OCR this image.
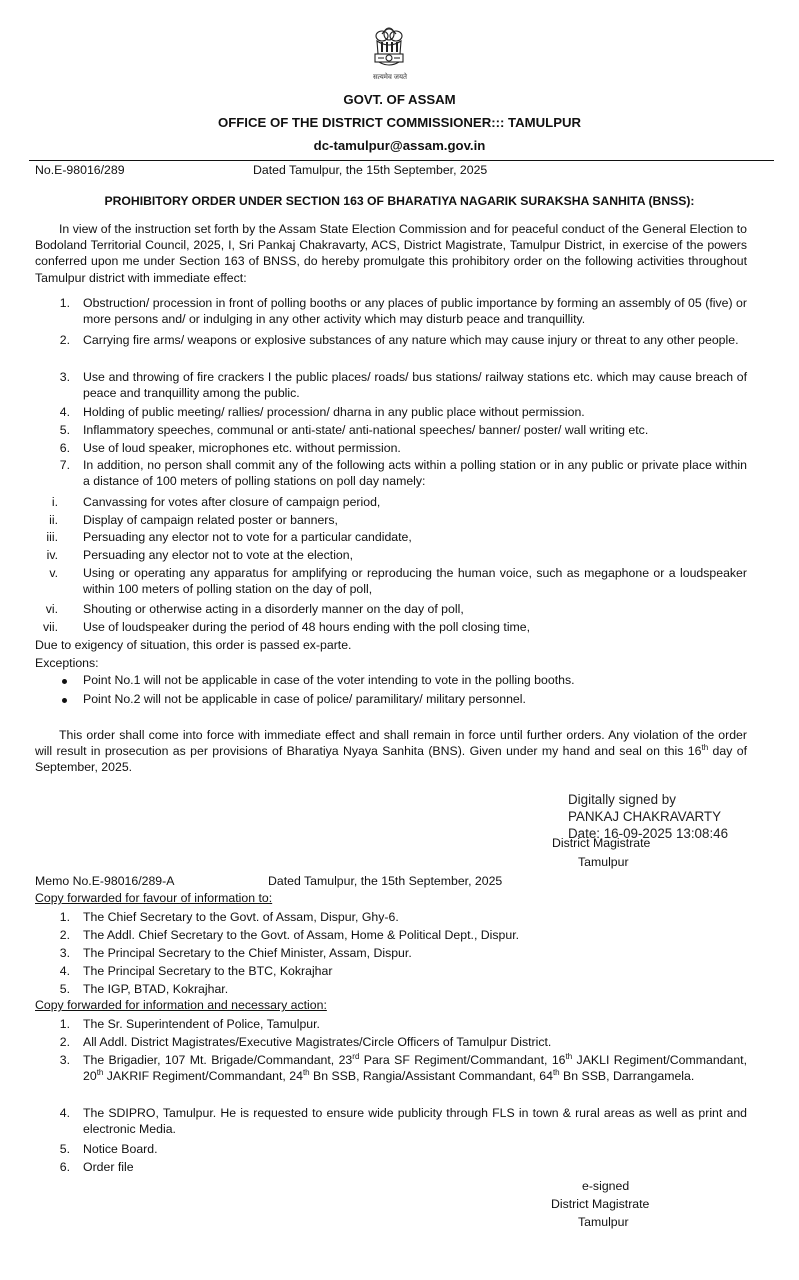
सत्यमेव जयते
GOVT. OF ASSAM
OFFICE OF THE DISTRICT COMMISSIONER::: TAMULPUR
dc-tamulpur@assam.gov.in
No.E-98016/289	Dated Tamulpur, the 15th September, 2025
PROHIBITORY ORDER UNDER SECTION 163 OF BHARATIYA NAGARIK SURAKSHA SANHITA (BNSS):
In view of the instruction set forth by the Assam State Election Commission and for peaceful conduct of the General Election to Bodoland Territorial Council, 2025, I, Sri Pankaj Chakravarty, ACS, District Magistrate, Tamulpur District, in exercise of the powers conferred upon me under Section 163 of BNSS, do hereby promulgate this prohibitory order on the following activities throughout Tamulpur district with immediate effect:
1. Obstruction/ procession in front of polling booths or any places of public importance by forming an assembly of 05 (five) or more persons and/ or indulging in any other activity which may disturb peace and tranquillity.
2. Carrying fire arms/ weapons or explosive substances of any nature which may cause injury or threat to any other people.
3. Use and throwing of fire crackers I the public places/ roads/ bus stations/ railway stations etc. which may cause breach of peace and tranquillity among the public.
4. Holding of public meeting/ rallies/ procession/ dharna in any public place without permission.
5. Inflammatory speeches, communal or anti-state/ anti-national speeches/ banner/ poster/ wall writing etc.
6. Use of loud speaker, microphones etc. without permission.
7. In addition, no person shall commit any of the following acts within a polling station or in any public or private place within a distance of 100 meters of polling stations on poll day namely:
i. Canvassing for votes after closure of campaign period,
ii. Display of campaign related poster or banners,
iii. Persuading any elector not to vote for a particular candidate,
iv. Persuading any elector not to vote at the election,
v. Using or operating any apparatus for amplifying or reproducing the human voice, such as megaphone or a loudspeaker within 100 meters of polling station on the day of poll,
vi. Shouting or otherwise acting in a disorderly manner on the day of poll,
vii. Use of loudspeaker during the period of 48 hours ending with the poll closing time,
Due to exigency of situation, this order is passed ex-parte.
Exceptions:
Point No.1 will not be applicable in case of the voter intending to vote in the polling booths.
Point No.2 will not be applicable in case of police/ paramilitary/ military personnel.
This order shall come into force with immediate effect and shall remain in force until further orders. Any violation of the order will result in prosecution as per provisions of Bharatiya Nyaya Sanhita (BNS). Given under my hand and seal on this 16th day of September, 2025.
Digitally signed by
PANKAJ CHAKRAVARTY
Date: 16-09-2025 13:08:46
District Magistrate
Tamulpur
Memo No.E-98016/289-A	Dated Tamulpur, the 15th September, 2025
Copy forwarded for favour of information to:
1. The Chief Secretary to the Govt. of Assam, Dispur, Ghy-6.
2. The Addl. Chief Secretary to the Govt. of Assam, Home & Political Dept., Dispur.
3. The Principal Secretary to the Chief Minister, Assam, Dispur.
4. The Principal Secretary to the BTC, Kokrajhar
5. The IGP, BTAD, Kokrajhar.
Copy forwarded for information and necessary action:
1. The Sr. Superintendent of Police, Tamulpur.
2. All Addl. District Magistrates/Executive Magistrates/Circle Officers of Tamulpur District.
3. The Brigadier, 107 Mt. Brigade/Commandant, 23rd Para SF Regiment/Commandant, 16th JAKLI Regiment/Commandant, 20th JAKRIF Regiment/Commandant, 24th Bn SSB, Rangia/Assistant Commandant, 64th Bn SSB, Darrangamela.
4. The SDIPRO, Tamulpur. He is requested to ensure wide publicity through FLS in town & rural areas as well as print and electronic Media.
5. Notice Board.
6. Order file
e-signed
District Magistrate
Tamulpur
